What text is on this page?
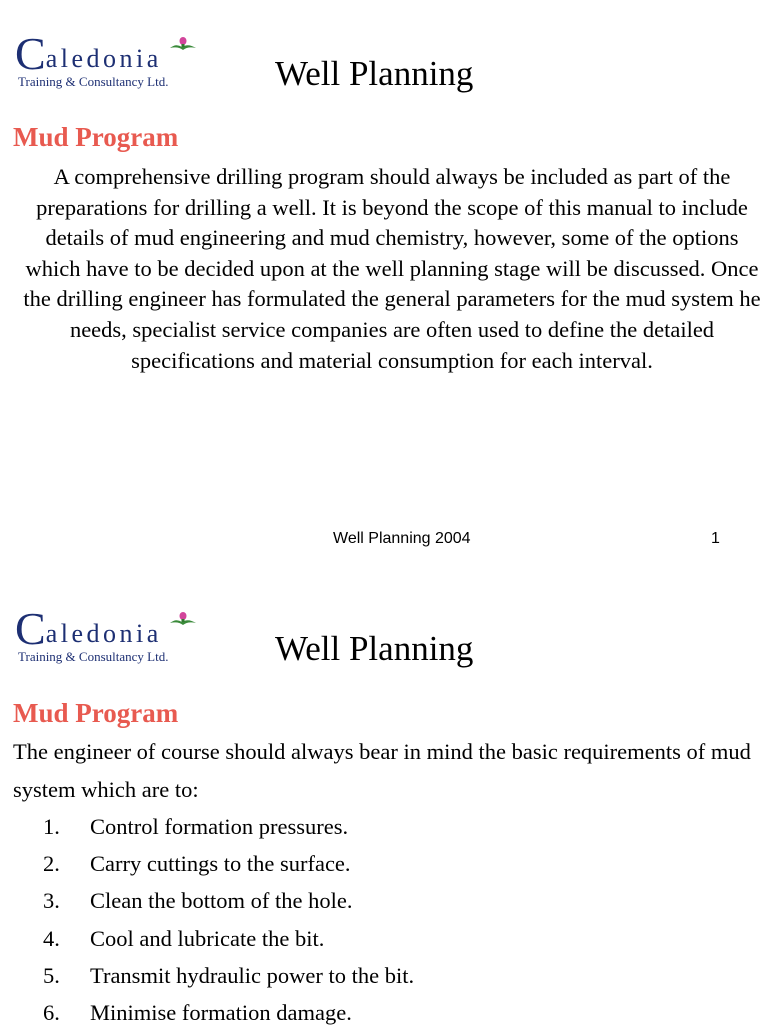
Caledonia
Training & Consultancy Ltd.	Well Planning
Mud Program
A comprehensive drilling program should always be included as part of the preparations for drilling a well. It is beyond the scope of this manual to include details of mud engineering and mud chemistry, however, some of the options which have to be decided upon at the well planning stage will be discussed. Once the drilling engineer has formulated the general parameters for the mud system he needs, specialist service companies are often used to define the detailed specifications and material consumption for each interval.
Well Planning 2004	1
Caledonia
Training & Consultancy Ltd.	Well Planning
Mud Program
The engineer of course should always bear in mind the basic requirements of mud system which are to:
1. Control formation pressures.
2. Carry cuttings to the surface.
3. Clean the bottom of the hole.
4. Cool and lubricate the bit.
5. Transmit hydraulic power to the bit.
6. Minimise formation damage.
